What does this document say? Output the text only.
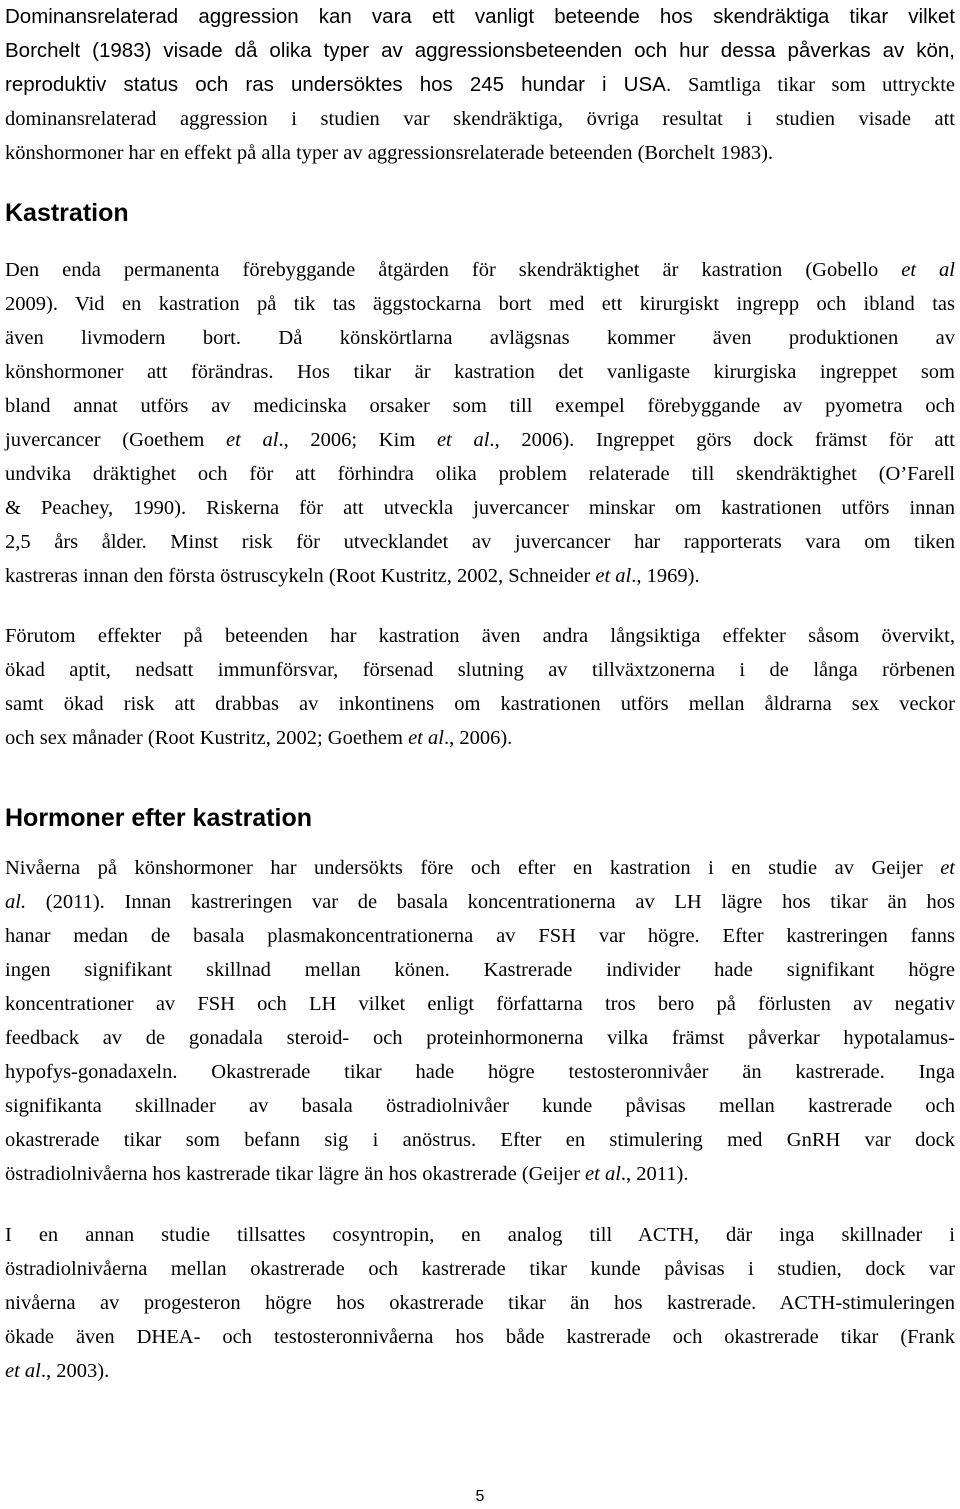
Dominansrelaterad aggression kan vara ett vanligt beteende hos skendräktiga tikar vilket
Borchelt (1983) visade då olika typer av aggressionsbeteenden och hur dessa påverkas av kön,
reproduktiv status och ras undersöktes hos 245 hundar i USA. Samtliga tikar som uttryckte
dominansrelaterad aggression i studien var skendräktiga, övriga resultat i studien visade att
könshormoner har en effekt på alla typer av aggressionsrelaterade beteenden (Borchelt 1983).
Kastration
Den enda permanenta förebyggande åtgärden för skendräktighet är kastration (Gobello et al
2009). Vid en kastration på tik tas äggstockarna bort med ett kirurgiskt ingrepp och ibland tas
även livmodern bort. Då könskörtlarna avlägsnas kommer även produktionen av
könshormoner att förändras. Hos tikar är kastration det vanligaste kirurgiska ingreppet som
bland annat utförs av medicinska orsaker som till exempel förebyggande av pyometra och
juvercancer (Goethem et al., 2006; Kim et al., 2006). Ingreppet görs dock främst för att
undvika dräktighet och för att förhindra olika problem relaterade till skendräktighet (O’Farell
& Peachey, 1990). Riskerna för att utveckla juvercancer minskar om kastrationen utförs innan
2,5 års ålder. Minst risk för utvecklandet av juvercancer har rapporterats vara om tiken
kastreras innan den första östruscykeln (Root Kustritz, 2002, Schneider et al., 1969).
Förutom effekter på beteenden har kastration även andra långsiktiga effekter såsom övervikt,
ökad aptit, nedsatt immunförsvar, försenad slutning av tillväxtzonerna i de långa rörbenen
samt ökad risk att drabbas av inkontinens om kastrationen utförs mellan åldrarna sex veckor
och sex månader (Root Kustritz, 2002; Goethem et al., 2006).
Hormoner efter kastration
Nivåerna på könshormoner har undersökts före och efter en kastration i en studie av Geijer et
al. (2011). Innan kastreringen var de basala koncentrationerna av LH lägre hos tikar än hos
hanar medan de basala plasmakoncentrationerna av FSH var högre. Efter kastreringen fanns
ingen signifikant skillnad mellan könen. Kastrerade individer hade signifikant högre
koncentrationer av FSH och LH vilket enligt författarna tros bero på förlusten av negativ
feedback av de gonadala steroid- och proteinhormonerna vilka främst påverkar hypotalamus-
hypofys-gonadaxeln. Okastrerade tikar hade högre testosteronnivåer än kastrerade. Inga
signifikanta skillnader av basala östradiolnivåer kunde påvisas mellan kastrerade och
okastrerade tikar som befann sig i anöstrus. Efter en stimulering med GnRH var dock
östradiolnivåerna hos kastrerade tikar lägre än hos okastrerade (Geijer et al., 2011).
I en annan studie tillsattes cosyntropin, en analog till ACTH, där inga skillnader i
östradiolnivåerna mellan okastrerade och kastrerade tikar kunde påvisas i studien, dock var
nivåerna av progesteron högre hos okastrerade tikar än hos kastrerade. ACTH-stimuleringen
ökade även DHEA- och testosteronnivåerna hos både kastrerade och okastrerade tikar (Frank
et al., 2003).
5
